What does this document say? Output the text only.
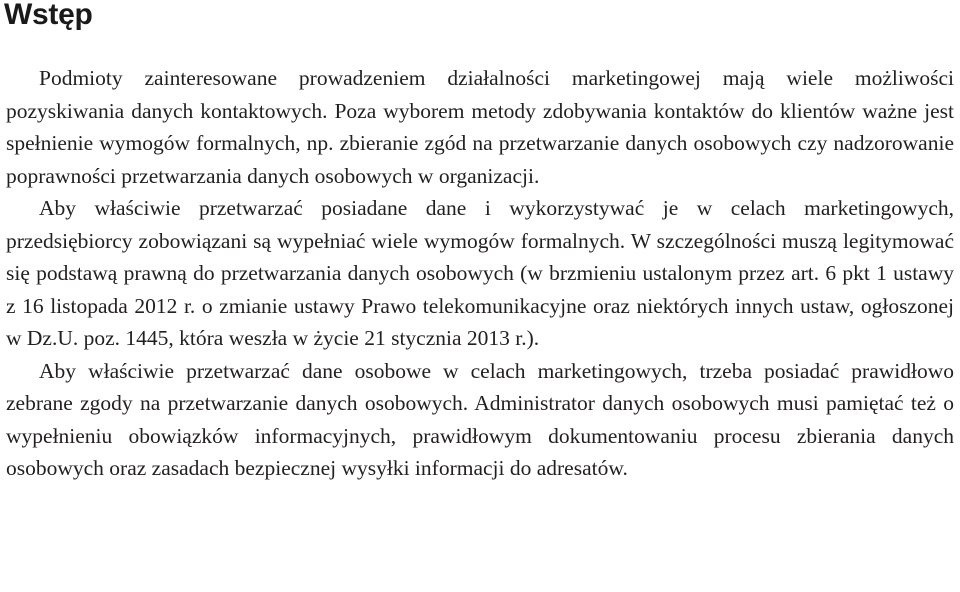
Wstęp

Podmioty zainteresowane prowadzeniem działalności marketingowej mają wiele możliwości pozyskiwania danych kontaktowych. Poza wyborem metody zdobywania kontaktów do klientów ważne jest spełnienie wymogów formalnych, np. zbieranie zgód na przetwarzanie danych osobowych czy nadzorowanie poprawności przetwarzania danych osobowych w organizacji.

Aby właściwie przetwarzać posiadane dane i wykorzystywać je w celach marketingowych, przedsiębiorcy zobowiązani są wypełniać wiele wymogów formalnych. W szczególności muszą legitymować się podstawą prawną do przetwarzania danych osobowych (w brzmieniu ustalonym przez art. 6 pkt 1 ustawy z 16 listopada 2012 r. o zmianie ustawy Prawo telekomunikacyjne oraz niektórych innych ustaw, ogłoszonej w Dz.U. poz. 1445, która weszła w życie 21 stycznia 2013 r.).

Aby właściwie przetwarzać dane osobowe w celach marketingowych, trzeba posiadać prawidłowo zebrane zgody na przetwarzanie danych osobowych. Administrator danych osobowych musi pamiętać też o wypełnieniu obowiązków informacyjnych, prawidłowym dokumentowaniu procesu zbierania danych osobowych oraz zasadach bezpiecznej wysyłki informacji do adresatów.
